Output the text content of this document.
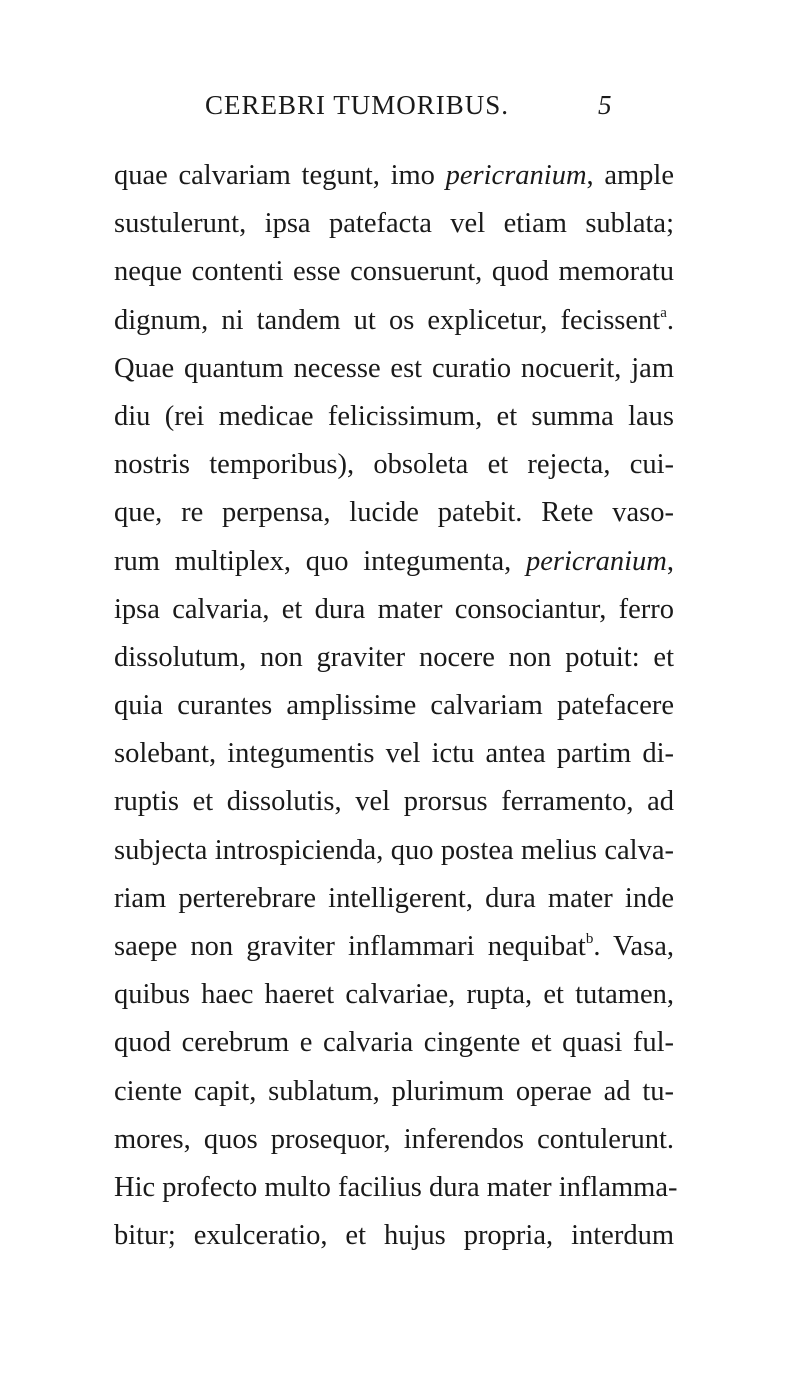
CEREBRI TUMORIBUS.	5
quae calvariam tegunt, imo pericranium, ample
sustulerunt, ipsa patefacta vel etiam sublata;
neque contenti esse consuerunt, quod memoratu
dignum, ni tandem ut os explicetur, fecissent$^a$.
Quae quantum necesse est curatio nocuerit, jam
diu (rei medicae felicissimum, et summa laus
nostris temporibus), obsoleta et rejecta, cui-
que, re perpensa, lucide patebit. Rete vaso-
rum multiplex, quo integumenta, pericranium,
ipsa calvaria, et dura mater consociantur, ferro
dissolutum, non graviter nocere non potuit: et
quia curantes amplissime calvariam patefacere
solebant, integumentis vel ictu antea partim di-
ruptis et dissolutis, vel prorsus ferramento, ad
subjecta introspicienda, quo postea melius calva-
riam perterebrare intelligerent, dura mater inde
saepe non graviter inflammari nequibat$^b$. Vasa,
quibus haec haeret calvariae, rupta, et tutamen,
quod cerebrum e calvaria cingente et quasi ful-
ciente capit, sublatum, plurimum operae ad tu-
mores, quos prosequor, inferendos contulerunt.
Hic profecto multo facilius dura mater inflamma-
bitur; exulceratio, et hujus propria, interdum
